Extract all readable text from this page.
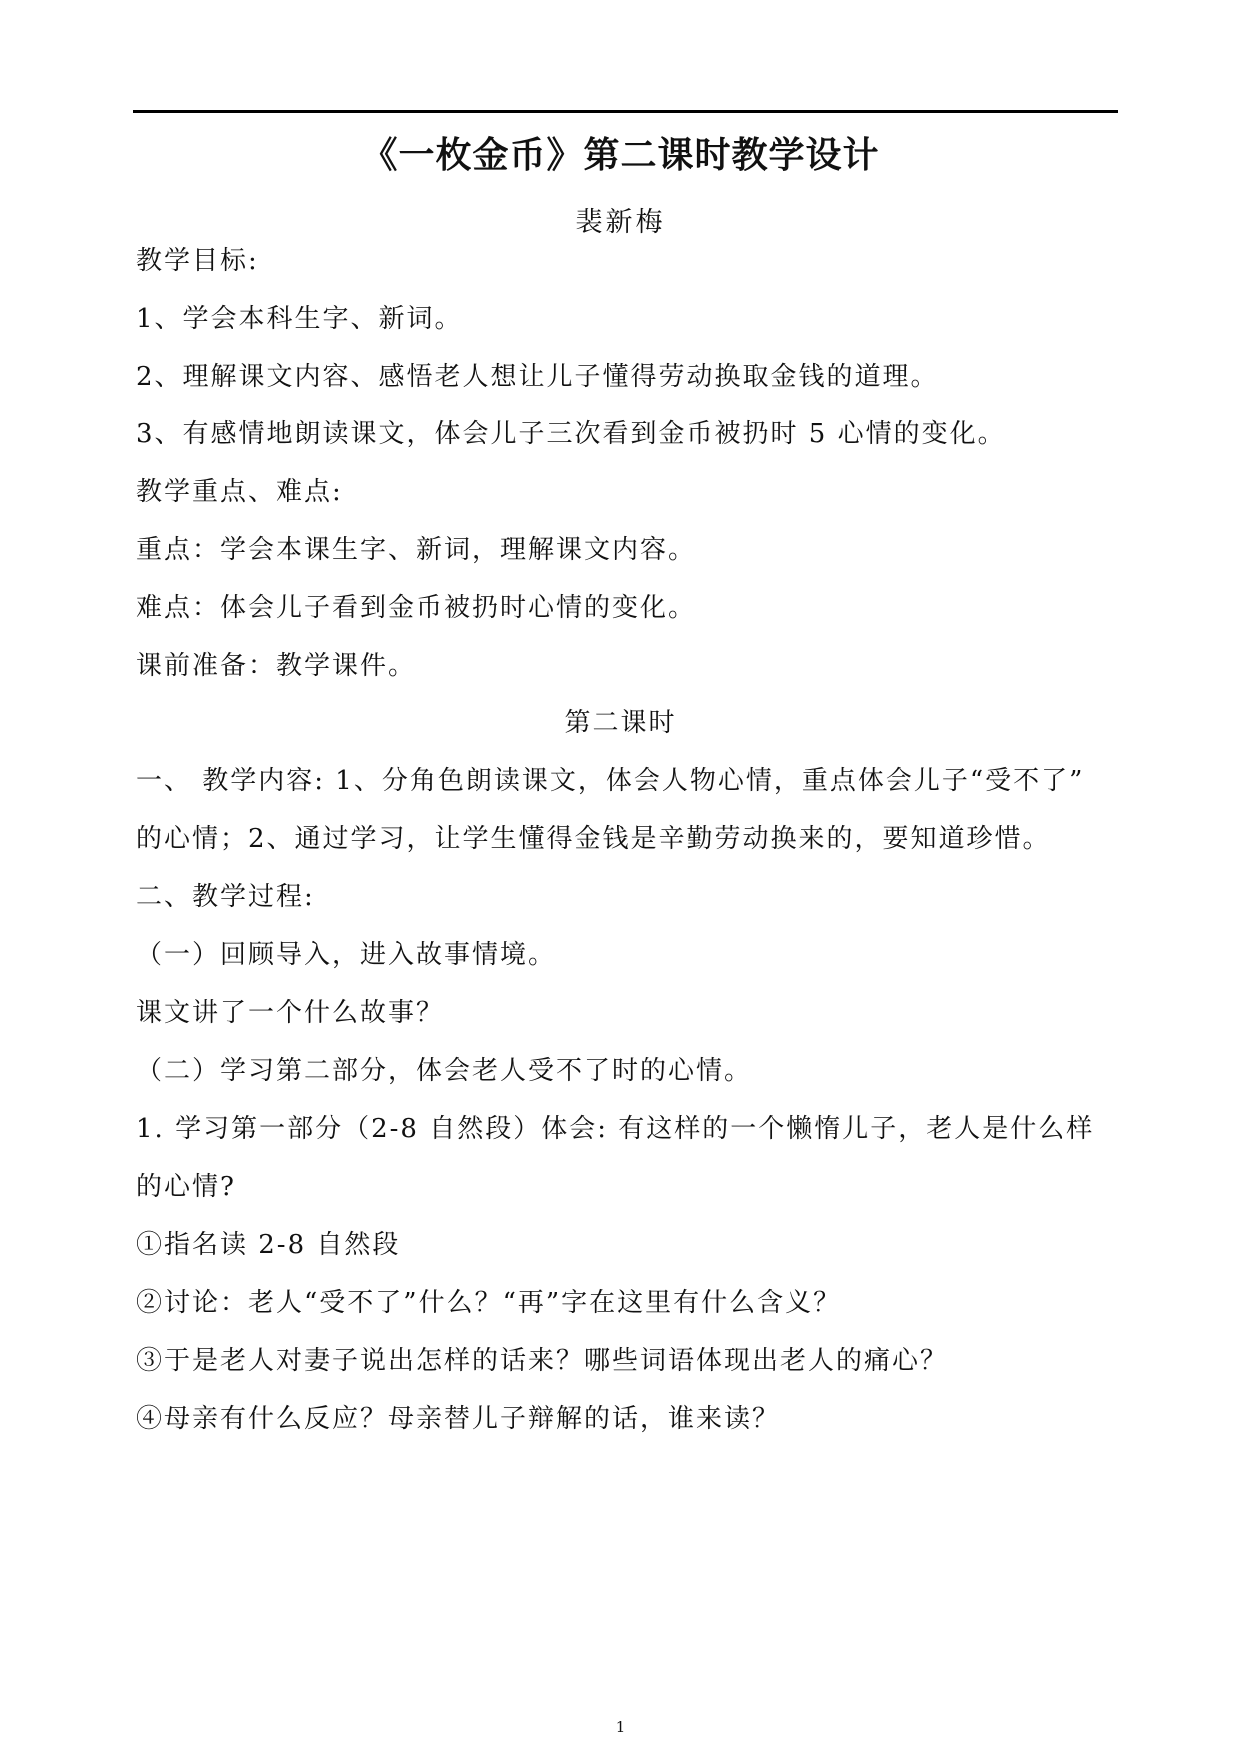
《一枚金币》第二课时教学设计
裴新梅
教学目标:
1、学会本科生字、新词。
2、理解课文内容、感悟老人想让儿子懂得劳动换取金钱的道理。
3、有感情地朗读课文，体会儿子三次看到金币被扔时 5 心情的变化。
教学重点、难点:
重点：学会本课生字、新词，理解课文内容。
难点：体会儿子看到金币被扔时心情的变化。
课前准备：教学课件。
第二课时
一、 教学内容: 1、分角色朗读课文，体会人物心情，重点体会儿子“受不了”
的心情；2、通过学习，让学生懂得金钱是辛勤劳动换来的，要知道珍惜。
二、教学过程:
（一）回顾导入，进入故事情境。
课文讲了一个什么故事？
（二）学习第二部分，体会老人受不了时的心情。
1. 学习第一部分（2-8 自然段）体会: 有这样的一个懒惰儿子，老人是什么样
的心情?
①指名读 2-8 自然段
②讨论：老人“受不了”什么？“再”字在这里有什么含义？
③于是老人对妻子说出怎样的话来？哪些词语体现出老人的痛心？
④母亲有什么反应？母亲替儿子辩解的话，谁来读？
1
